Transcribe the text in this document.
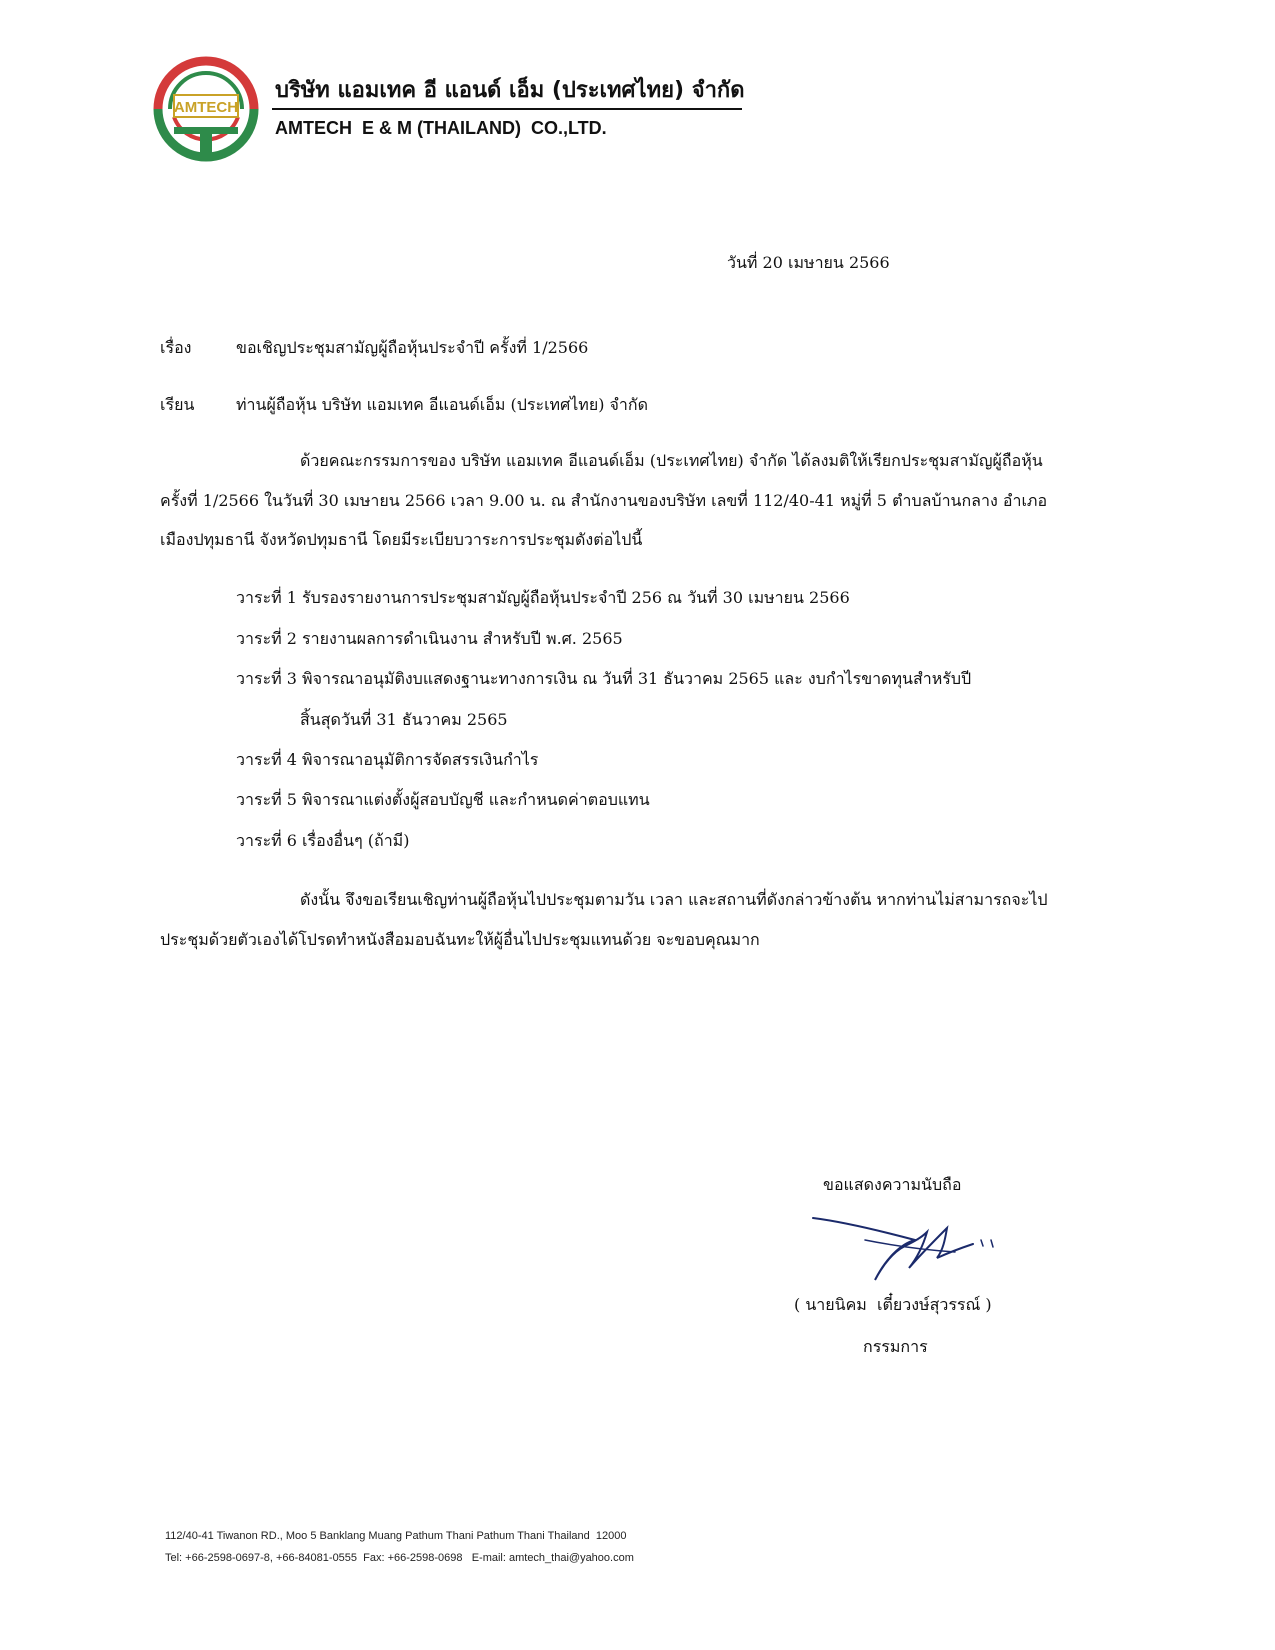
AMTECH
บริษัท แอมเทค อี แอนด์ เอ็ม (ประเทศไทย) จำกัด
AMTECH  E & M (THAILAND)  CO.,LTD.
วันที่ 20 เมษายน 2566
เรื่อง	ขอเชิญประชุมสามัญผู้ถือหุ้นประจำปี ครั้งที่ 1/2566
เรียน	ท่านผู้ถือหุ้น บริษัท แอมเทค อีแอนด์เอ็ม (ประเทศไทย) จำกัด
ด้วยคณะกรรมการของ บริษัท แอมเทค อีแอนด์เอ็ม (ประเทศไทย) จำกัด ได้ลงมติให้เรียกประชุมสามัญผู้ถือหุ้น
ครั้งที่ 1/2566 ในวันที่ 30 เมษายน 2566 เวลา 9.00 น. ณ สำนักงานของบริษัท เลขที่ 112/40-41 หมู่ที่ 5 ตำบลบ้านกลาง อำเภอ
เมืองปทุมธานี จังหวัดปทุมธานี โดยมีระเบียบวาระการประชุมดังต่อไปนี้
วาระที่ 1 รับรองรายงานการประชุมสามัญผู้ถือหุ้นประจำปี 256 ณ วันที่ 30 เมษายน 2566
วาระที่ 2 รายงานผลการดำเนินงาน สำหรับปี พ.ศ. 2565
วาระที่ 3 พิจารณาอนุมัติงบแสดงฐานะทางการเงิน ณ วันที่ 31 ธันวาคม 2565 และ งบกำไรขาดทุนสำหรับปี
สิ้นสุดวันที่ 31 ธันวาคม 2565
วาระที่ 4 พิจารณาอนุมัติการจัดสรรเงินกำไร
วาระที่ 5 พิจารณาแต่งตั้งผู้สอบบัญชี และกำหนดค่าตอบแทน
วาระที่ 6 เรื่องอื่นๆ (ถ้ามี)
ดังนั้น จึงขอเรียนเชิญท่านผู้ถือหุ้นไปประชุมตามวัน เวลา และสถานที่ดังกล่าวข้างต้น หากท่านไม่สามารถจะไป
ประชุมด้วยตัวเองได้โปรดทำหนังสือมอบฉันทะให้ผู้อื่นไปประชุมแทนด้วย จะขอบคุณมาก
ขอแสดงความนับถือ
( นายนิคม  เตี๋ยวงษ์สุวรรณ์ )
กรรมการ
112/40-41 Tiwanon RD., Moo 5 Banklang Muang Pathum Thani Pathum Thani Thailand  12000
Tel: +66-2598-0697-8, +66-84081-0555  Fax: +66-2598-0698   E-mail: amtech_thai@yahoo.com
